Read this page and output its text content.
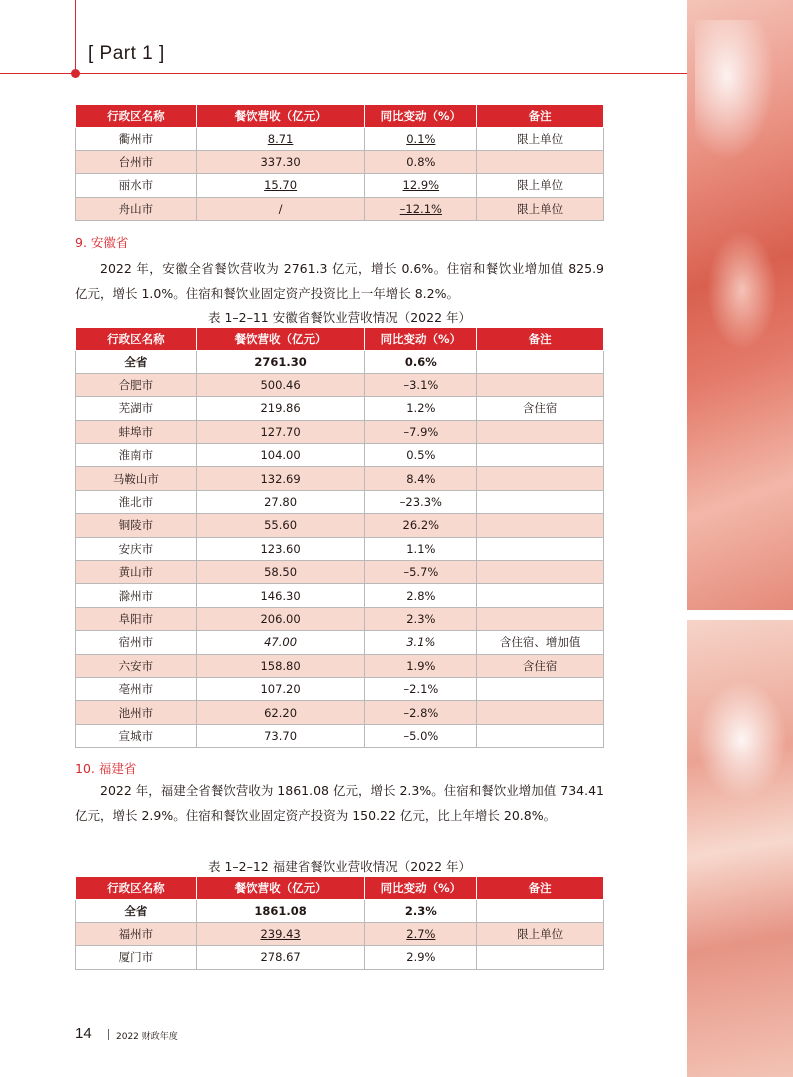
[ Part 1 ]
行政区名称	餐饮营收（亿元）	同比变动（%）	备注
衢州市	8.71	0.1%	限上单位
台州市	337.30	0.8%	
丽水市	15.70	12.9%	限上单位
舟山市	/	–12.1%	限上单位
9. 安徽省
2022 年，安徽全省餐饮营收为 2761.3 亿元，增长 0.6%。住宿和餐饮业增加值 825.9 亿元，增长 1.0%。住宿和餐饮业固定资产投资比上一年增长 8.2%。
表 1–2–11 安徽省餐饮业营收情况（2022 年）
行政区名称	餐饮营收（亿元）	同比变动（%）	备注
全省	2761.30	0.6%	
合肥市	500.46	–3.1%	
芜湖市	219.86	1.2%	含住宿
蚌埠市	127.70	–7.9%	
淮南市	104.00	0.5%	
马鞍山市	132.69	8.4%	
淮北市	27.80	–23.3%	
铜陵市	55.60	26.2%	
安庆市	123.60	1.1%	
黄山市	58.50	–5.7%	
滁州市	146.30	2.8%	
阜阳市	206.00	2.3%	
宿州市	47.00	3.1%	含住宿、增加值
六安市	158.80	1.9%	含住宿
亳州市	107.20	–2.1%	
池州市	62.20	–2.8%	
宣城市	73.70	–5.0%	
10. 福建省
2022 年，福建全省餐饮营收为 1861.08 亿元，增长 2.3%。住宿和餐饮业增加值 734.41 亿元，增长 2.9%。住宿和餐饮业固定资产投资为 150.22 亿元，比上年增长 20.8%。
表 1–2–12 福建省餐饮业营收情况（2022 年）
行政区名称	餐饮营收（亿元）	同比变动（%）	备注
全省	1861.08	2.3%	
福州市	239.43	2.7%	限上单位
厦门市	278.67	2.9%	
14	2022 财政年度
